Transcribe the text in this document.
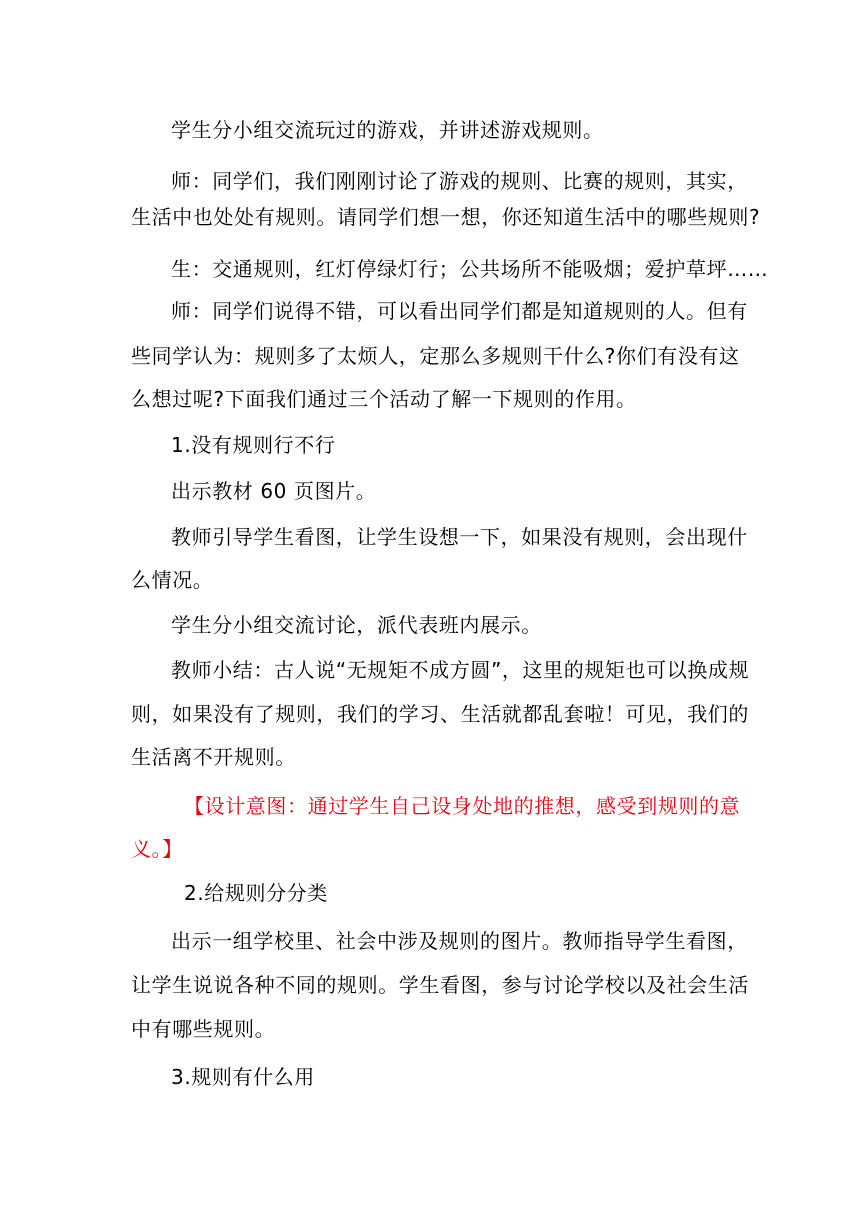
学生分小组交流玩过的游戏，并讲述游戏规则。
师：同学们，我们刚刚讨论了游戏的规则、比赛的规则，其实，
生活中也处处有规则。请同学们想一想，你还知道生活中的哪些规则?
生：交通规则，红灯停绿灯行；公共场所不能吸烟；爱护草坪……
师：同学们说得不错，可以看出同学们都是知道规则的人。但有
些同学认为：规则多了太烦人，定那么多规则干什么?你们有没有这
么想过呢?下面我们通过三个活动了解一下规则的作用。
1.没有规则行不行
出示教材 60 页图片。
教师引导学生看图，让学生设想一下，如果没有规则，会出现什
么情况。
学生分小组交流讨论，派代表班内展示。
教师小结：古人说“无规矩不成方圆”，这里的规矩也可以换成规
则，如果没有了规则，我们的学习、生活就都乱套啦！可见，我们的
生活离不开规则。
【设计意图：通过学生自己设身处地的推想，感受到规则的意
义。】
2.给规则分分类
出示一组学校里、社会中涉及规则的图片。教师指导学生看图，
让学生说说各种不同的规则。学生看图，参与讨论学校以及社会生活
中有哪些规则。
3.规则有什么用
